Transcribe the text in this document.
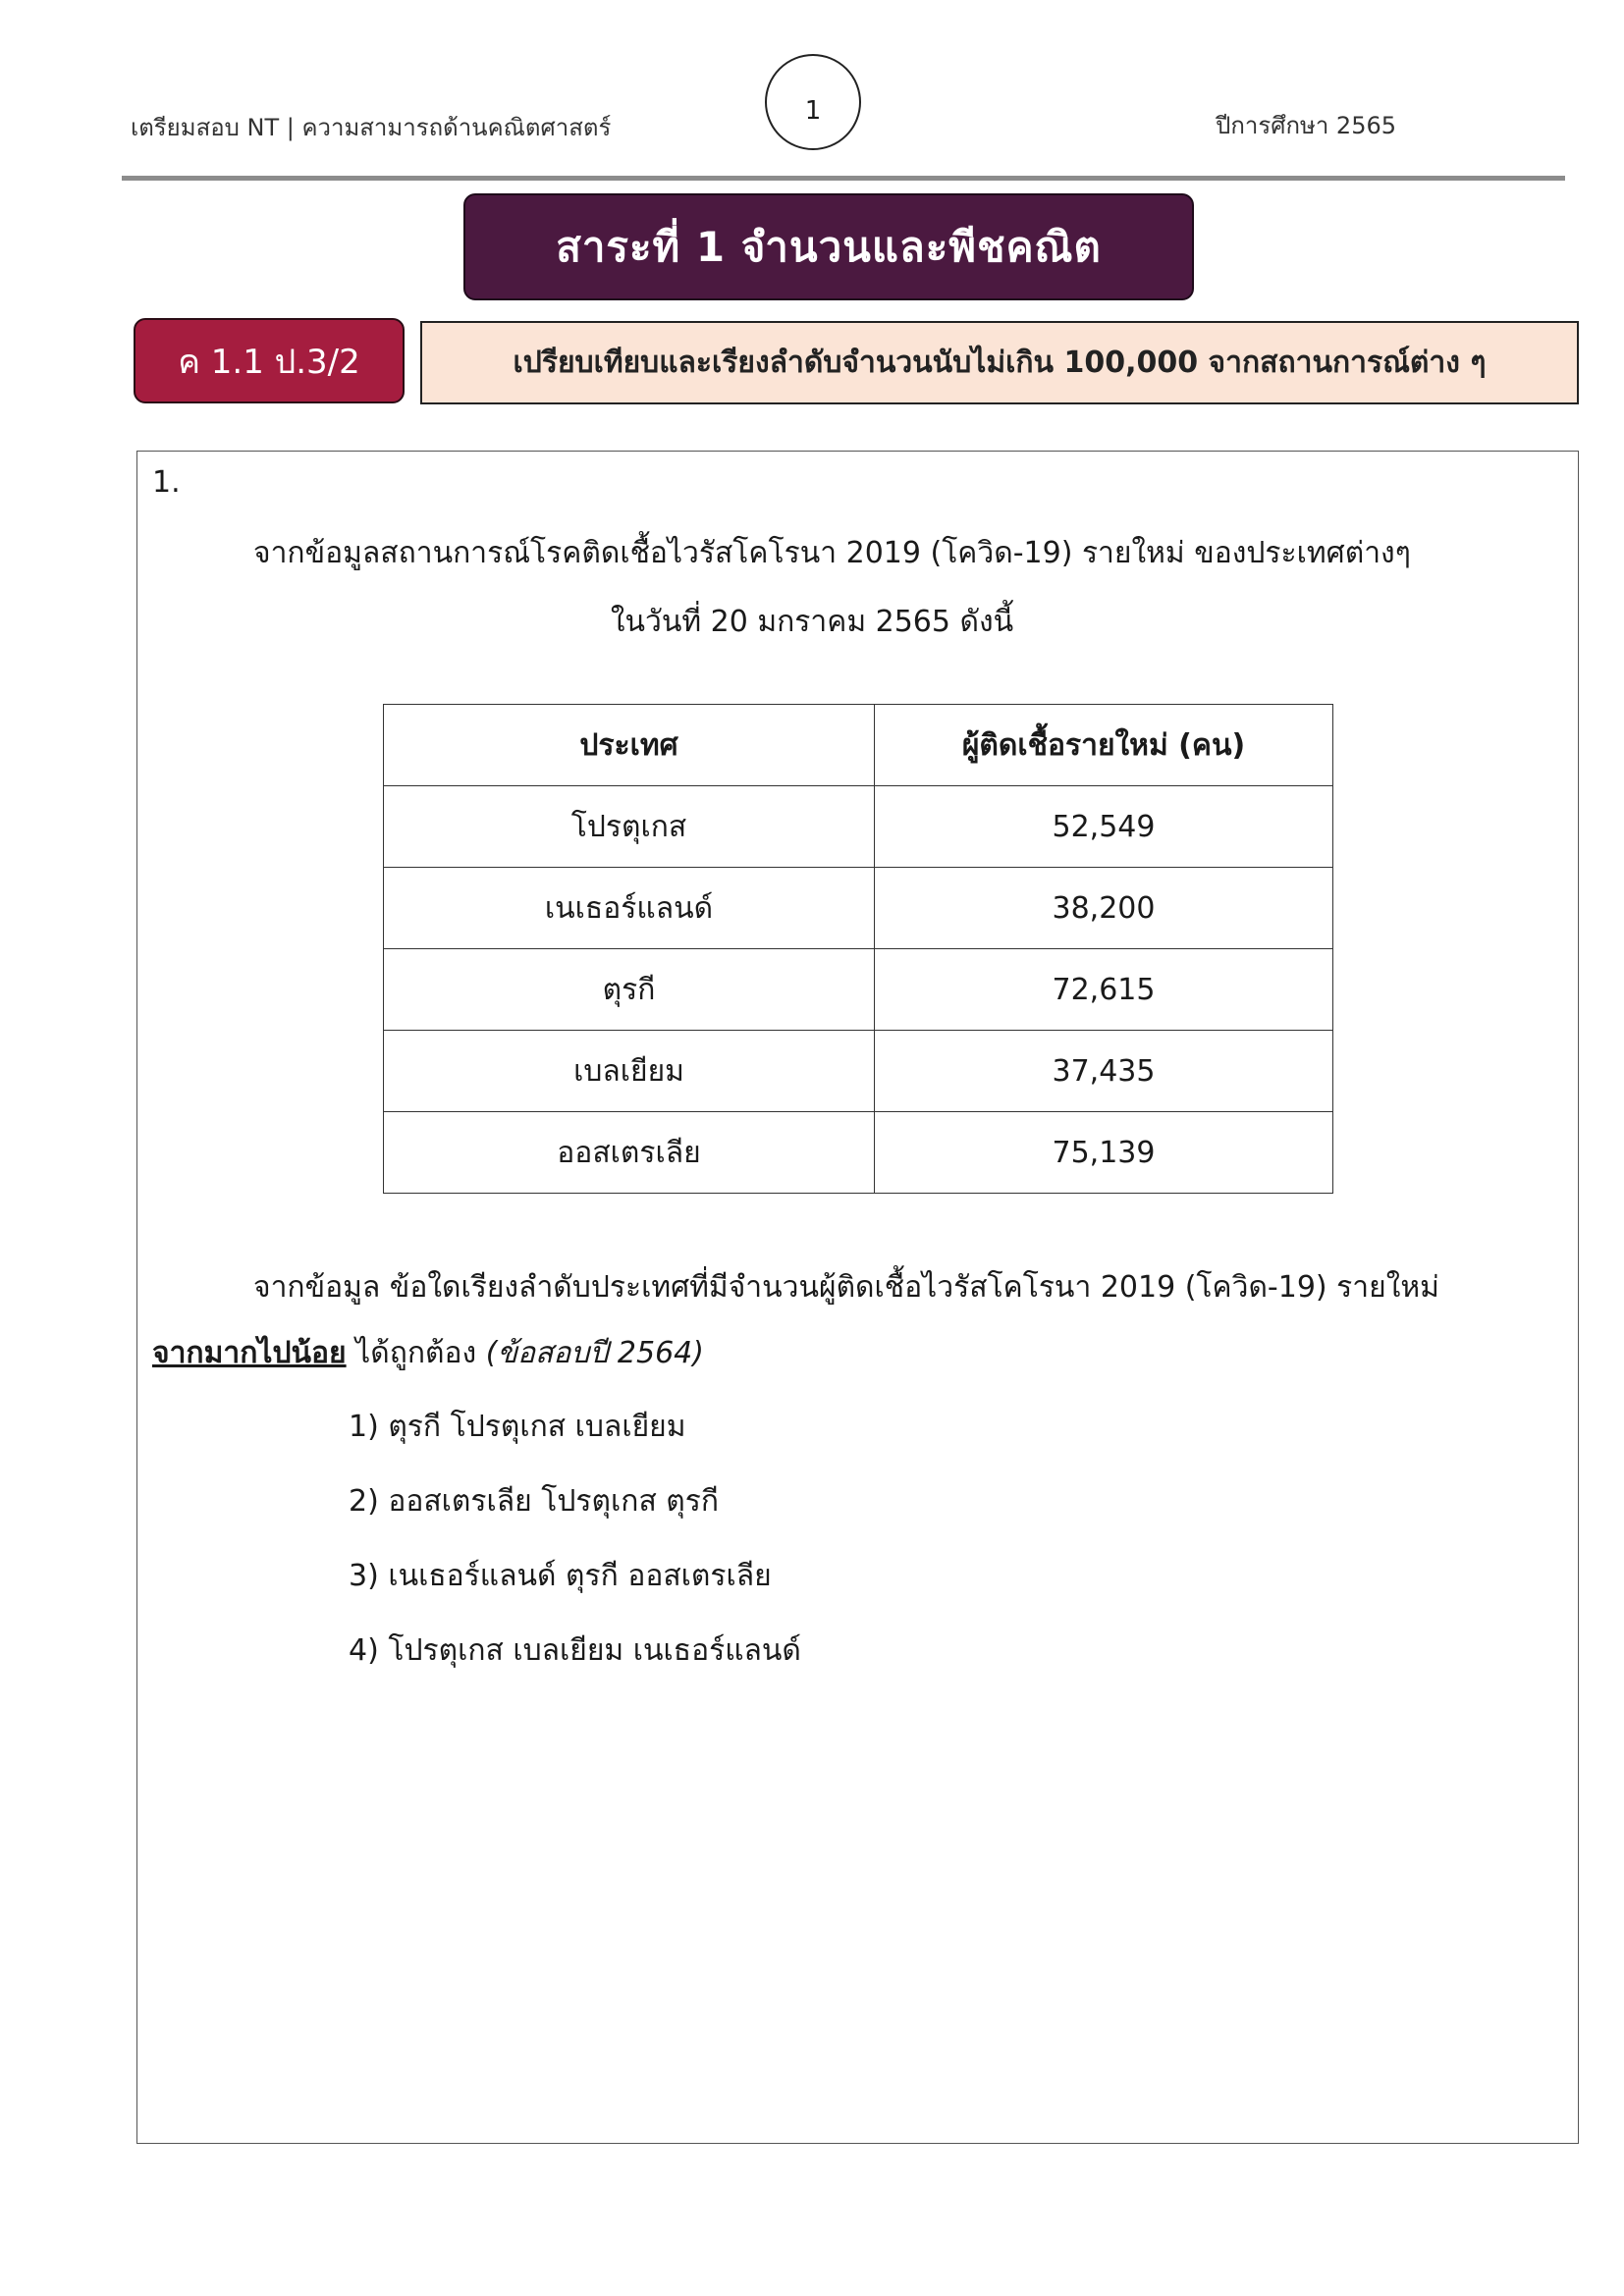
เตรียมสอบ NT | ความสามารถด้านคณิตศาสตร์
1	ปีการศึกษา 2565
สาระที่ 1 จำนวนและพีชคณิต
ค 1.1 ป.3/2	เปรียบเทียบและเรียงลำดับจำนวนนับไม่เกิน 100,000 จากสถานการณ์ต่าง ๆ
1.
จากข้อมูลสถานการณ์โรคติดเชื้อไวรัสโคโรนา 2019 (โควิด-19) รายใหม่ ของประเทศต่างๆ
ในวันที่ 20 มกราคม 2565 ดังนี้
ประเทศ	ผู้ติดเชื้อรายใหม่ (คน)
โปรตุเกส	52,549
เนเธอร์แลนด์	38,200
ตุรกี	72,615
เบลเยียม	37,435
ออสเตรเลีย	75,139
จากข้อมูล ข้อใดเรียงลำดับประเทศที่มีจำนวนผู้ติดเชื้อไวรัสโคโรนา 2019 (โควิด-19) รายใหม่
จากมากไปน้อย ได้ถูกต้อง (ข้อสอบปี 2564)
1) ตุรกี โปรตุเกส เบลเยียม
2) ออสเตรเลีย โปรตุเกส ตุรกี
3) เนเธอร์แลนด์ ตุรกี ออสเตรเลีย
4) โปรตุเกส เบลเยียม เนเธอร์แลนด์
